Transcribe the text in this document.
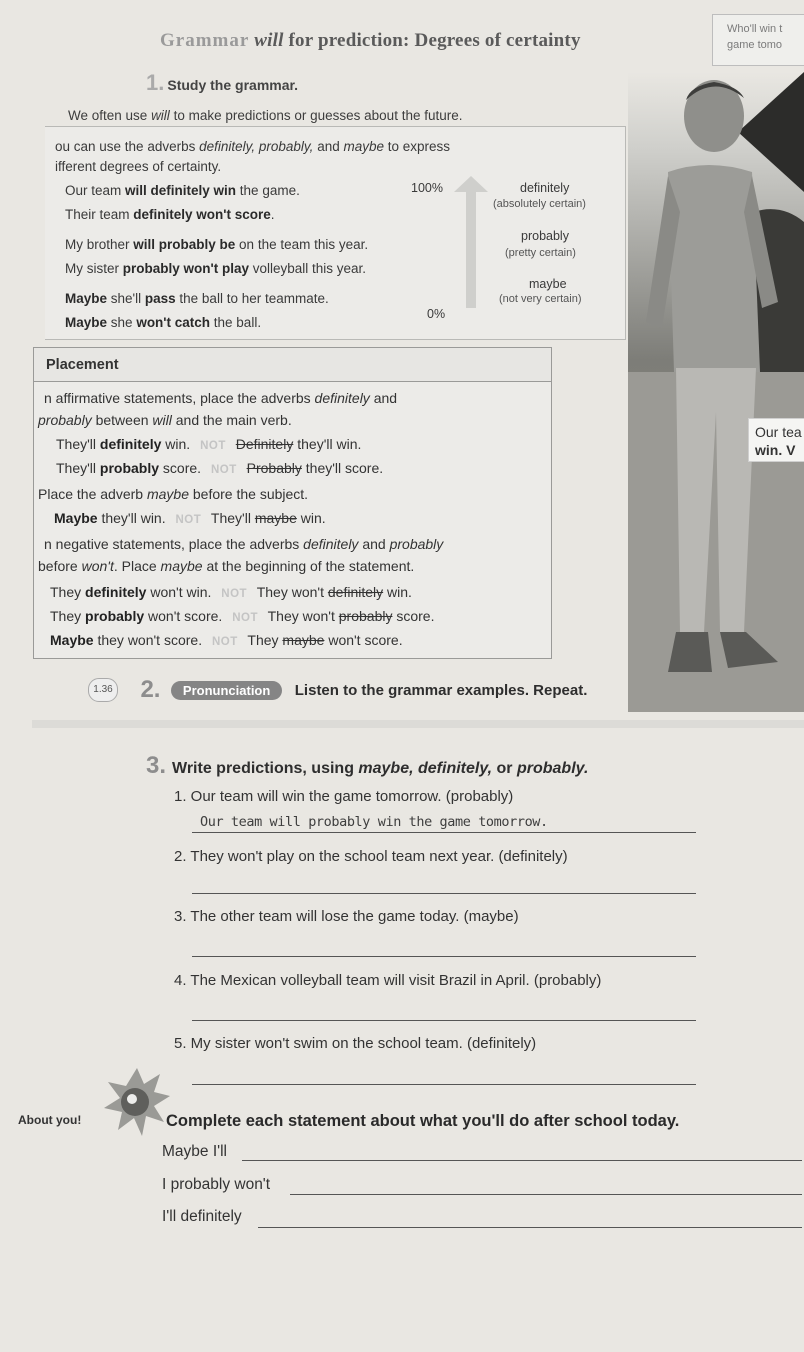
Grammar will for prediction: Degrees of certainty
Who'll win t
game tomo
1. Study the grammar.
We often use will to make predictions or guesses about the future.
ou can use the adverbs definitely, probably, and maybe to express
ifferent degrees of certainty.
Our team will definitely win the game.
Their team definitely won't score.
My brother will probably be on the team this year.
My sister probably won't play volleyball this year.
Maybe she'll pass the ball to her teammate.
Maybe she won't catch the ball.
100%
0%
definitely
(absolutely certain)
probably
(pretty certain)
maybe
(not very certain)
Placement
n affirmative statements, place the adverbs definitely and
probably between will and the main verb.
They'll definitely win. NOT Definitely they'll win.
They'll probably score. NOT Probably they'll score.
Place the adverb maybe before the subject.
Maybe they'll win. NOT They'll maybe win.
n negative statements, place the adverbs definitely and probably
before won't. Place maybe at the beginning of the statement.
They definitely won't win. NOT They won't definitely win.
They probably won't score. NOT They won't probably score.
Maybe they won't score. NOT They maybe won't score.
Our tea
win. V
1.36 2. Pronunciation Listen to the grammar examples. Repeat.
3. Write predictions, using maybe, definitely, or probably.
1. Our team will win the game tomorrow. (probably)
Our team will probably win the game tomorrow.
2. They won't play on the school team next year. (definitely)
3. The other team will lose the game today. (maybe)
4. The Mexican volleyball team will visit Brazil in April. (probably)
5. My sister won't swim on the school team. (definitely)
About you!	Complete each statement about what you'll do after school today.
Maybe I'll
I probably won't
I'll definitely
